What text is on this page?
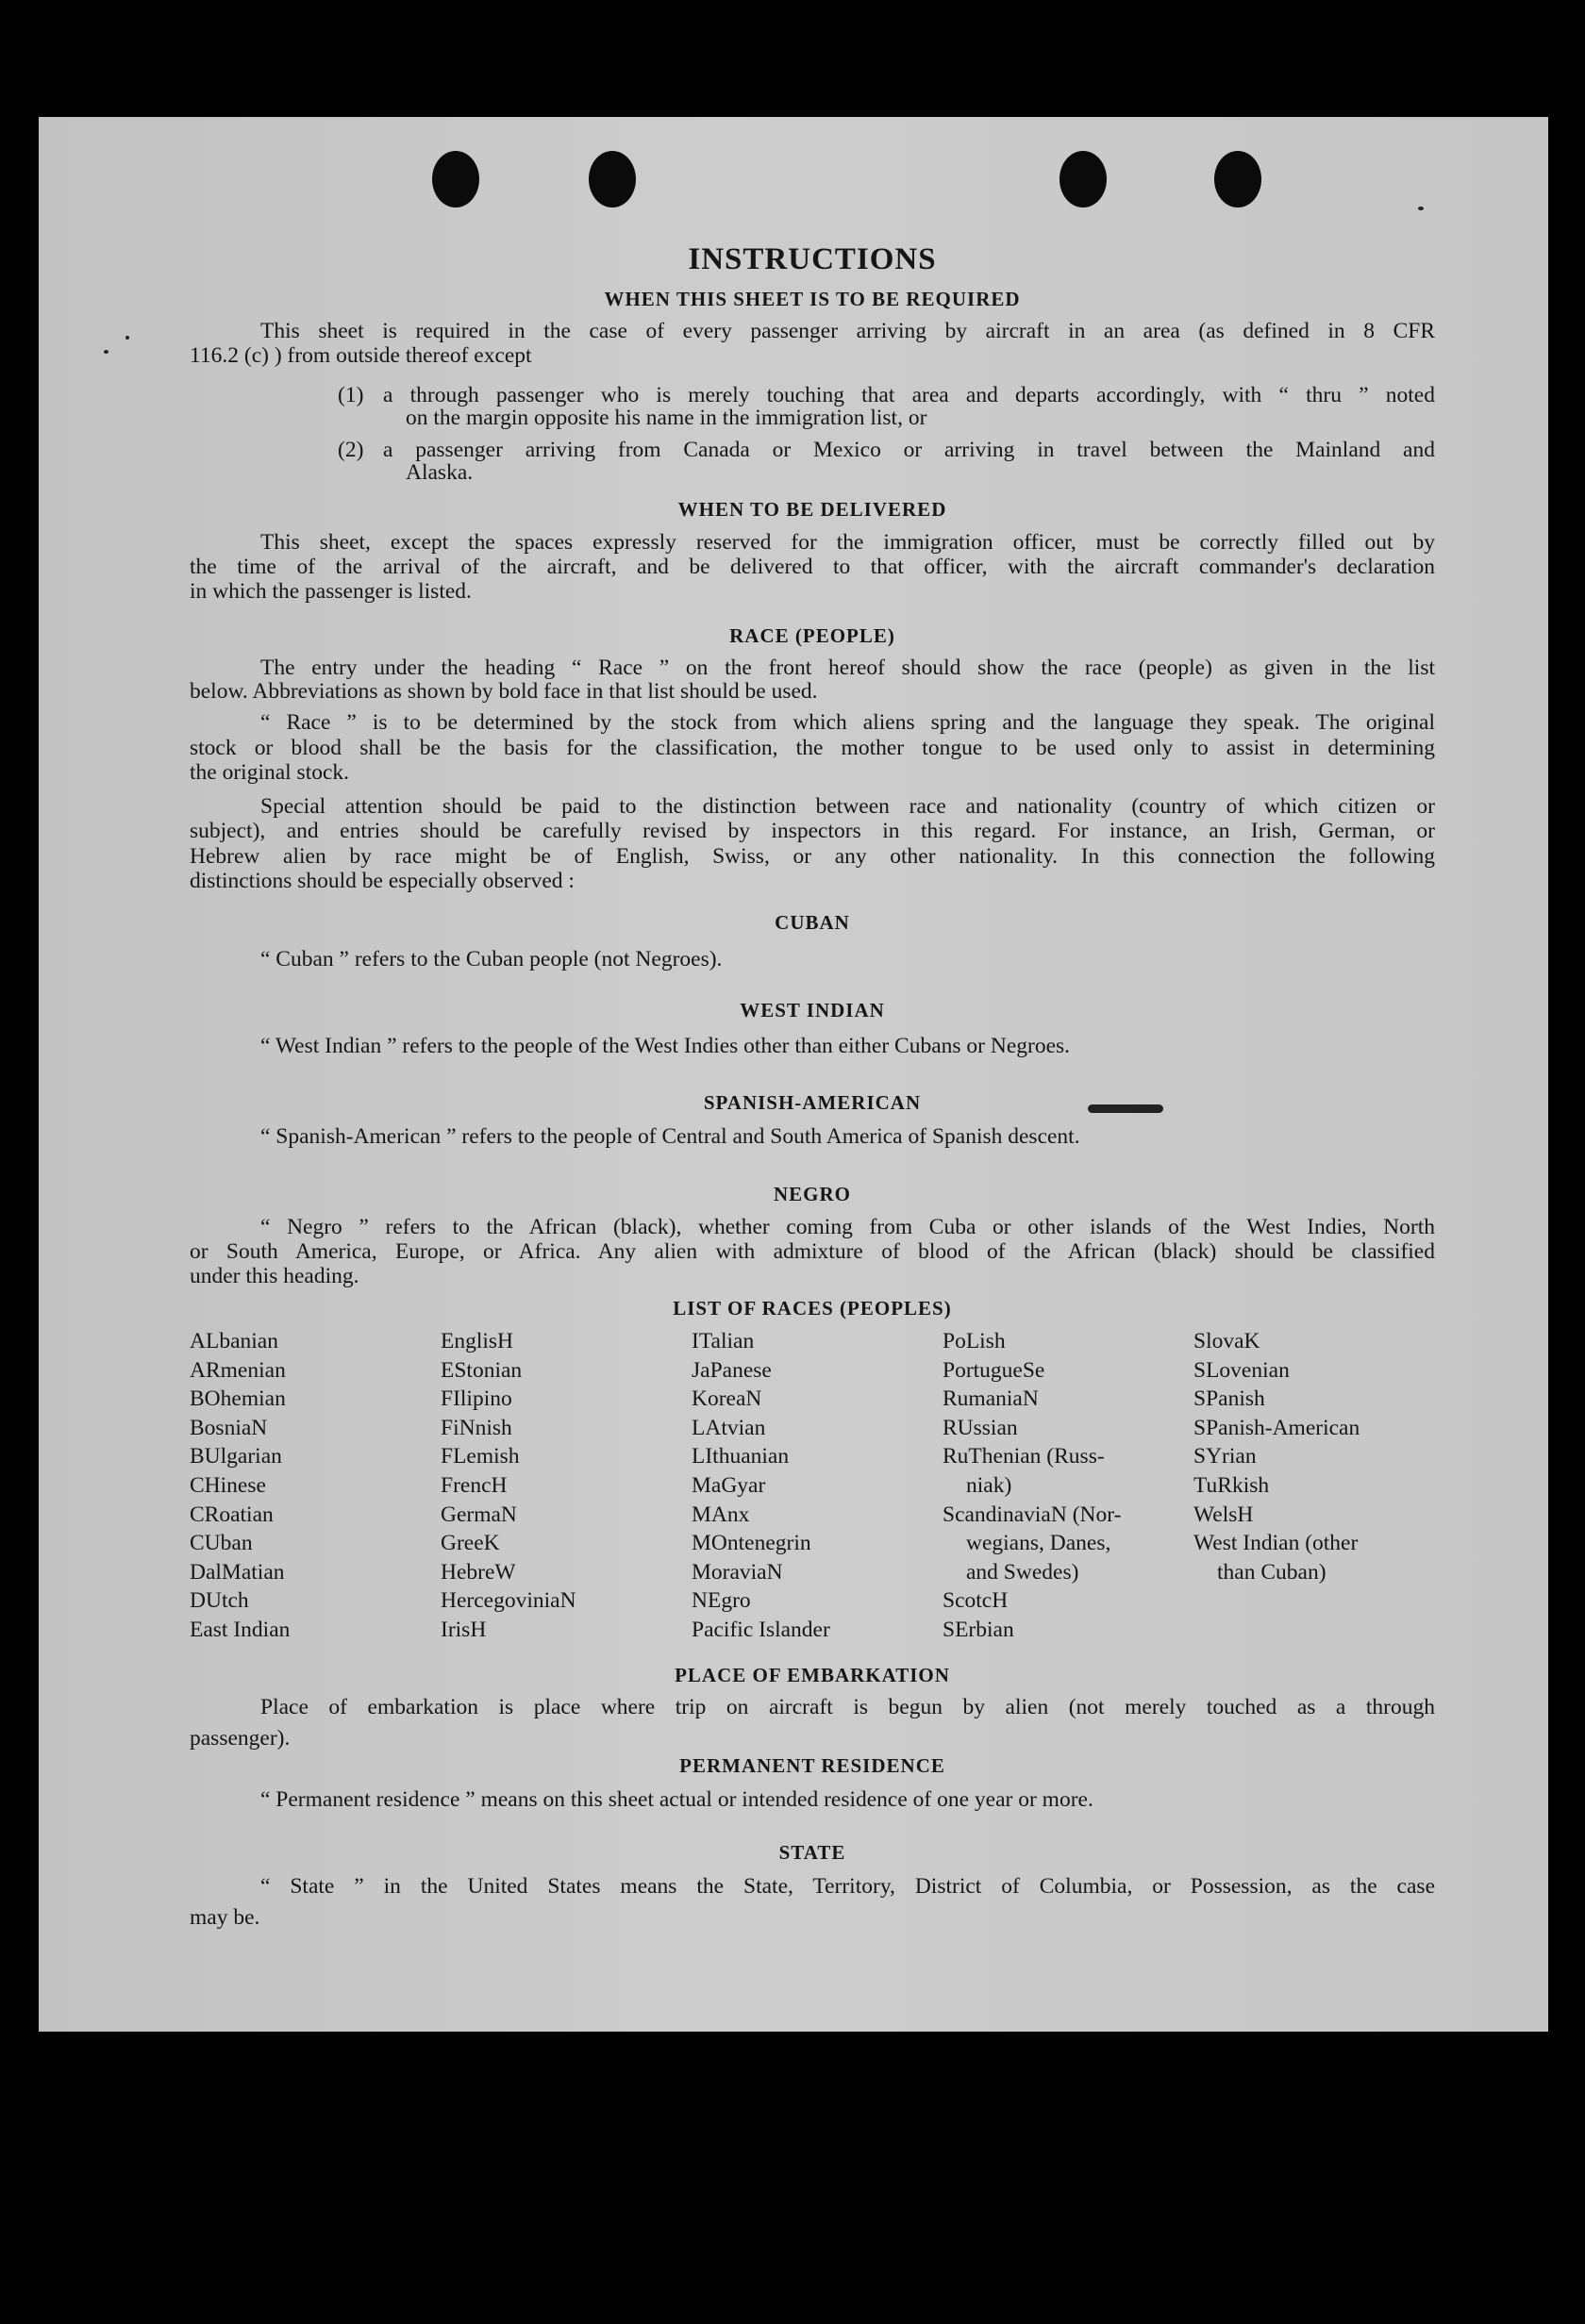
INSTRUCTIONS
WHEN THIS SHEET IS TO BE REQUIRED
This sheet is required in the case of every passenger arriving by aircraft in an area (as defined in 8 CFR
116.2 (c) ) from outside thereof except
(1) a through passenger who is merely touching that area and departs accordingly, with “ thru ” noted
on the margin opposite his name in the immigration list, or
(2) a passenger arriving from Canada or Mexico or arriving in travel between the Mainland and
Alaska.
WHEN TO BE DELIVERED
This sheet, except the spaces expressly reserved for the immigration officer, must be correctly filled out by
the time of the arrival of the aircraft, and be delivered to that officer, with the aircraft commander's declaration
in which the passenger is listed.
RACE (PEOPLE)
The entry under the heading “ Race ” on the front hereof should show the race (people) as given in the list
below. Abbreviations as shown by bold face in that list should be used.
“ Race ” is to be determined by the stock from which aliens spring and the language they speak. The original
stock or blood shall be the basis for the classification, the mother tongue to be used only to assist in determining
the original stock.
Special attention should be paid to the distinction between race and nationality (country of which citizen or
subject), and entries should be carefully revised by inspectors in this regard. For instance, an Irish, German, or
Hebrew alien by race might be of English, Swiss, or any other nationality. In this connection the following
distinctions should be especially observed :
CUBAN
“ Cuban ” refers to the Cuban people (not Negroes).
WEST INDIAN
“ West Indian ” refers to the people of the West Indies other than either Cubans or Negroes.
SPANISH-AMERICAN
“ Spanish-American ” refers to the people of Central and South America of Spanish descent.
NEGRO
“ Negro ” refers to the African (black), whether coming from Cuba or other islands of the West Indies, North
or South America, Europe, or Africa. Any alien with admixture of blood of the African (black) should be classified
under this heading.
LIST OF RACES (PEOPLES)
ALbanian
ARmenian
BOhemian
BosniaN
BUlgarian
CHinese
CRoatian
CUban
DalMatian
DUtch
East Indian
EnglisH
EStonian
FIlipino
FiNnish
FLemish
FrencH
GermaN
GreeK
HebreW
HercegoviniaN
IrisH
ITalian
JaPanese
KoreaN
LAtvian
LIthuanian
MaGyar
MAnx
MOntenegrin
MoraviaN
NEgro
Pacific Islander
PoLish
PortugueSe
RumaniaN
RUssian
RuThenian (Russ-
niak)
ScandinaviaN (Nor-
wegians, Danes,
and Swedes)
ScotcH
SErbian
SlovaK
SLovenian
SPanish
SPanish-American
SYrian
TuRkish
WelsH
West Indian (other
than Cuban)
PLACE OF EMBARKATION
Place of embarkation is place where trip on aircraft is begun by alien (not merely touched as a through
passenger).
PERMANENT RESIDENCE
“ Permanent residence ” means on this sheet actual or intended residence of one year or more.
STATE
“ State ” in the United States means the State, Territory, District of Columbia, or Possession, as the case
may be.
